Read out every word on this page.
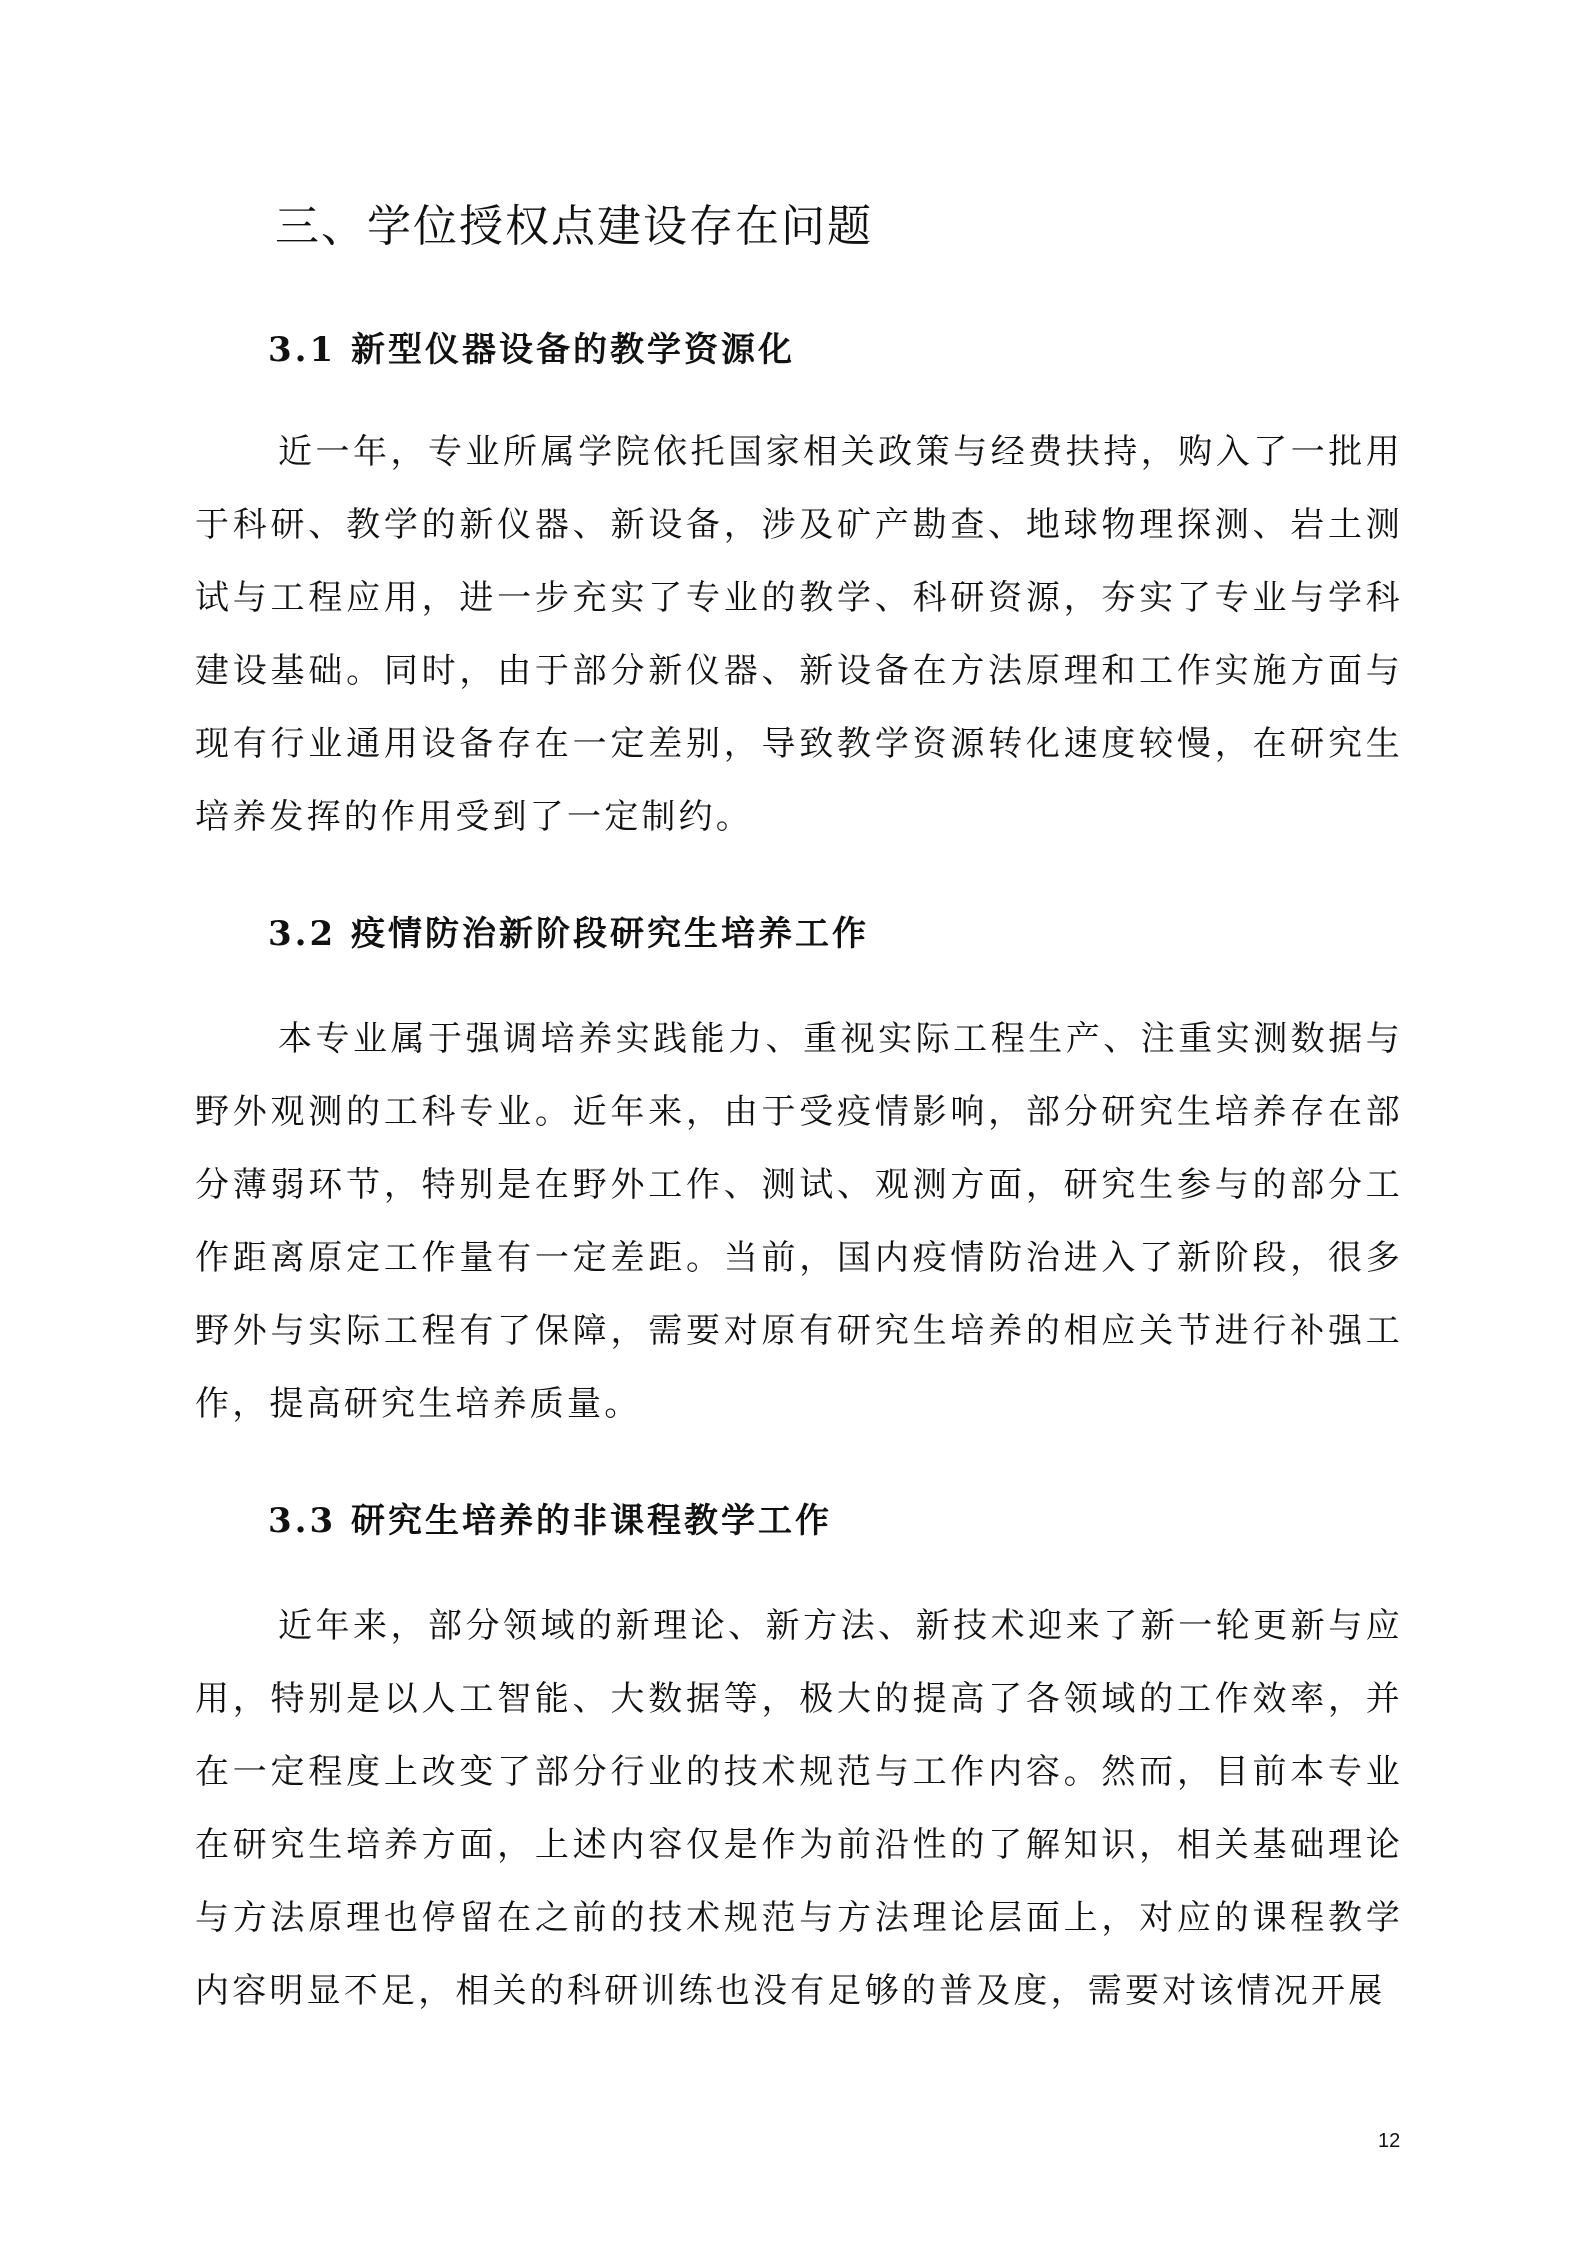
三、学位授权点建设存在问题
3.1 新型仪器设备的教学资源化

近一年，专业所属学院依托国家相关政策与经费扶持，购入了一批用于科研、教学的新仪器、新设备，涉及矿产勘查、地球物理探测、岩土测试与工程应用，进一步充实了专业的教学、科研资源，夯实了专业与学科建设基础。同时，由于部分新仪器、新设备在方法原理和工作实施方面与现有行业通用设备存在一定差别，导致教学资源转化速度较慢，在研究生培养发挥的作用受到了一定制约。

3.2 疫情防治新阶段研究生培养工作

本专业属于强调培养实践能力、重视实际工程生产、注重实测数据与野外观测的工科专业。近年来，由于受疫情影响，部分研究生培养存在部分薄弱环节，特别是在野外工作、测试、观测方面，研究生参与的部分工作距离原定工作量有一定差距。当前，国内疫情防治进入了新阶段，很多野外与实际工程有了保障，需要对原有研究生培养的相应关节进行补强工作，提高研究生培养质量。

3.3 研究生培养的非课程教学工作

近年来，部分领域的新理论、新方法、新技术迎来了新一轮更新与应用，特别是以人工智能、大数据等，极大的提高了各领域的工作效率，并在一定程度上改变了部分行业的技术规范与工作内容。然而，目前本专业在研究生培养方面，上述内容仅是作为前沿性的了解知识，相关基础理论与方法原理也停留在之前的技术规范与方法理论层面上，对应的课程教学内容明显不足，相关的科研训练也没有足够的普及度，需要对该情况开展

12
